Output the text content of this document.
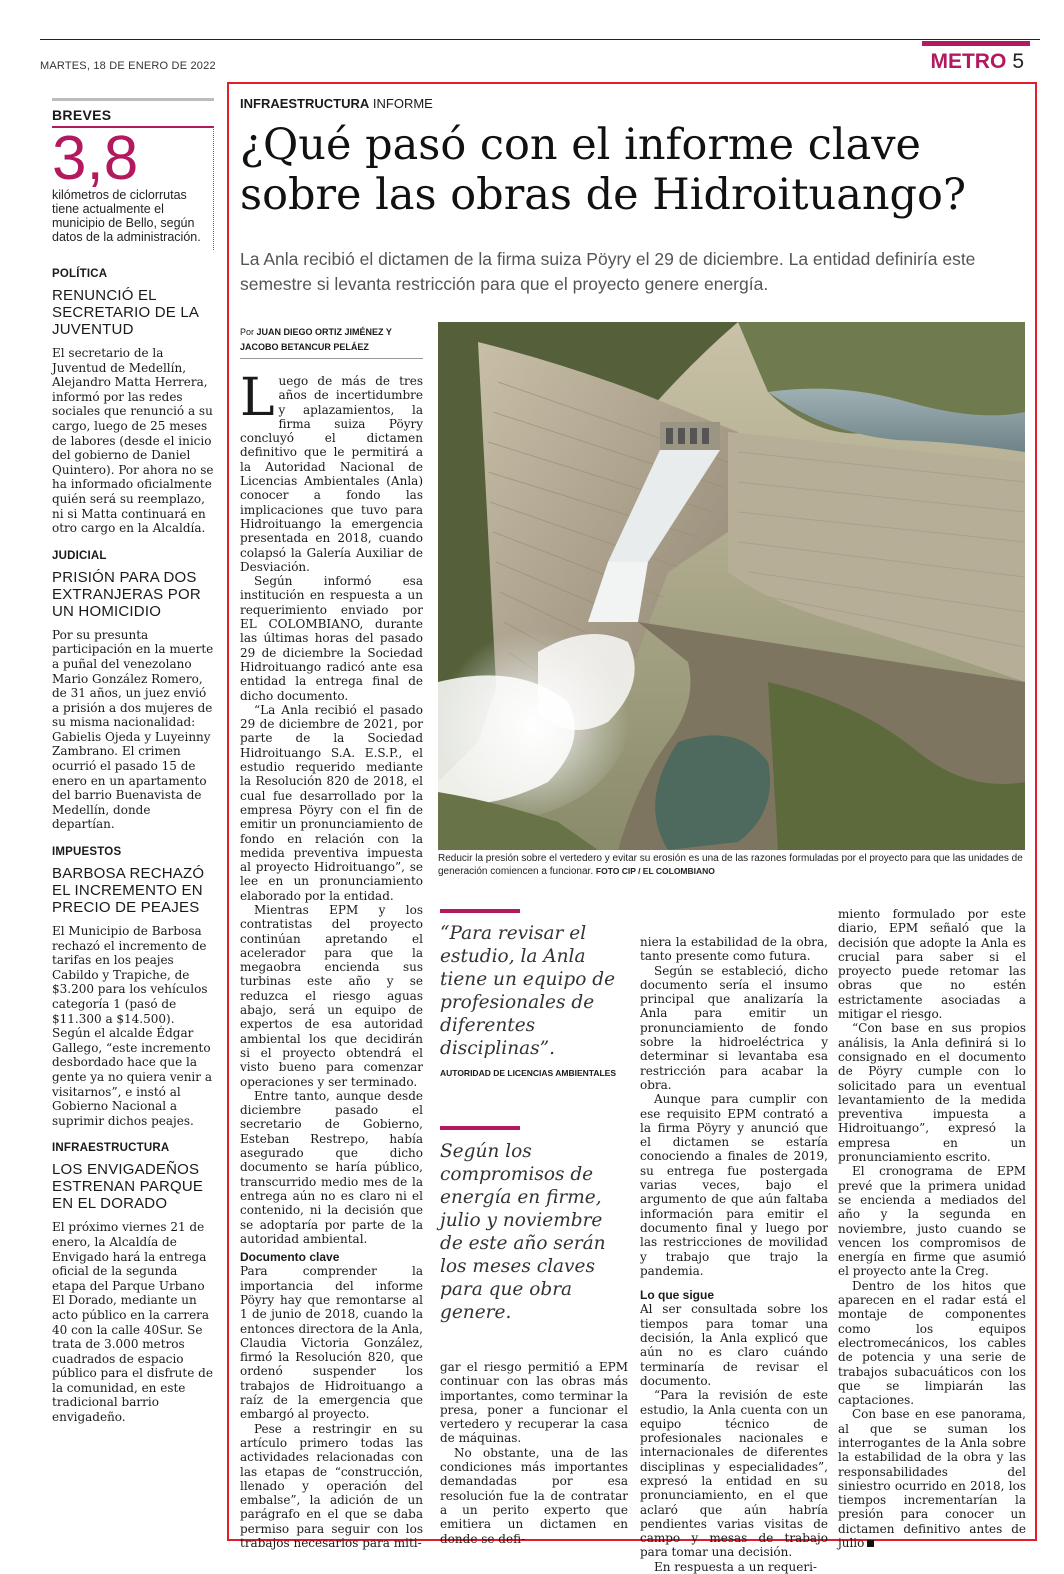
MARTES, 18 DE ENERO DE 2022	METRO 5
BREVES
3,8
kilómetros de ciclorrutas tiene actualmente el municipio de Bello, según datos de la administración.
POLÍTICA
RENUNCIÓ EL SECRETARIO DE LA JUVENTUD
El secretario de la Juventud de Medellín, Alejandro Matta Herrera, informó por las redes sociales que renunció a su cargo, luego de 25 meses de labores (desde el inicio del gobierno de Daniel Quintero). Por ahora no se ha informado oficialmente quién será su reemplazo, ni si Matta continuará en otro cargo en la Alcaldía.
JUDICIAL
PRISIÓN PARA DOS EXTRANJERAS POR UN HOMICIDIO
Por su presunta participación en la muerte a puñal del venezolano Mario González Romero, de 31 años, un juez envió a prisión a dos mujeres de su misma nacionalidad: Gabielis Ojeda y Luyeinny Zambrano. El crimen ocurrió el pasado 15 de enero en un apartamento del barrio Buenavista de Medellín, donde departían.
IMPUESTOS
BARBOSA RECHAZÓ EL INCREMENTO EN PRECIO DE PEAJES
El Municipio de Barbosa rechazó el incremento de tarifas en los peajes Cabildo y Trapiche, de $3.200 para los vehículos categoría 1 (pasó de $11.300 a $14.500). Según el alcalde Édgar Gallego, “este incremento desbordado hace que la gente ya no quiera venir a visitarnos”, e instó al Gobierno Nacional a suprimir dichos peajes.
INFRAESTRUCTURA
LOS ENVIGADEÑOS ESTRENAN PARQUE EN EL DORADO
El próximo viernes 21 de enero, la Alcaldía de Envigado hará la entrega oficial de la segunda etapa del Parque Urbano El Dorado, mediante un acto público en la carrera 40 con la calle 40Sur. Se trata de 3.000 metros cuadrados de espacio público para el disfrute de la comunidad, en este tradicional barrio envigadeño.
INFRAESTRUCTURA INFORME
¿Qué pasó con el informe clave sobre las obras de Hidroituango?
La Anla recibió el dictamen de la firma suiza Pöyry el 29 de diciembre. La entidad definiría este semestre si levanta restricción para que el proyecto genere energía.
Por JUAN DIEGO ORTIZ JIMÉNEZ Y JACOBO BETANCUR PELÁEZ

Luego de más de tres años de incertidumbre y aplazamientos, la firma suiza Pöyry concluyó el dictamen definitivo que le permitirá a la Autoridad Nacional de Licencias Ambientales (Anla) conocer a fondo las implicaciones que tuvo para Hidroituango la emergencia presentada en 2018, cuando colapsó la Galería Auxiliar de Desviación.

Según informó esa institución en respuesta a un requerimiento enviado por EL COLOMBIANO, durante las últimas horas del pasado 29 de diciembre la Sociedad Hidroituango radicó ante esa entidad la entrega final de dicho documento.

“La Anla recibió el pasado 29 de diciembre de 2021, por parte de la Sociedad Hidroituango S.A. E.S.P., el estudio requerido mediante la Resolución 820 de 2018, el cual fue desarrollado por la empresa Pöyry con el fin de emitir un pronunciamiento de fondo en relación con la medida preventiva impuesta al proyecto Hidroituango”, se lee en un pronunciamiento elaborado por la entidad.

Mientras EPM y los contratistas del proyecto continúan apretando el acelerador para que la megaobra encienda sus turbinas este año y se reduzca el riesgo aguas abajo, será un equipo de expertos de esa autoridad ambiental los que decidirán si el proyecto obtendrá el visto bueno para comenzar operaciones y ser terminado.

Entre tanto, aunque desde diciembre pasado el secretario de Gobierno, Esteban Restrepo, había asegurado que dicho documento se haría público, transcurrido medio mes de la entrega aún no es claro ni el contenido, ni la decisión que se adoptaría por parte de la autoridad ambiental.

Documento clave

Para comprender la importancia del informe Pöyry hay que remontarse al 1 de junio de 2018, cuando la entonces directora de la Anla, Claudia Victoria González, firmó la Resolución 820, que ordenó suspender los trabajos de Hidroituango a raíz de la emergencia que embargó al proyecto.

Pese a restringir en su artículo primero todas las actividades relacionadas con las etapas de “construcción, llenado y operación del embalse”, la adición de un parágrafo en el que se daba permiso para seguir con los trabajos necesarios para miti-

Reducir la presión sobre el vertedero y evitar su erosión es una de las razones formuladas por el proyecto para que las unidades de generación comiencen a funcionar. FOTO CIP / EL COLOMBIANO
“Para revisar el estudio, la Anla tiene un equipo de profesionales de diferentes disciplinas”.
AUTORIDAD DE LICENCIAS AMBIENTALES
Según los compromisos de energía en firme, julio y noviembre de este año serán los meses claves para que obra genere.

gar el riesgo permitió a EPM continuar con las obras más importantes, como terminar la presa, poner a funcionar el vertedero y recuperar la casa de máquinas.

No obstante, una de las condiciones más importantes demandadas por esa resolución fue la de contratar a un perito experto que emitiera un dictamen en donde se defi-

niera la estabilidad de la obra, tanto presente como futura.

Según se estableció, dicho documento sería el insumo principal que analizaría la Anla para emitir un pronunciamiento de fondo sobre la hidroeléctrica y determinar si levantaba esa restricción para acabar la obra.

Aunque para cumplir con ese requisito EPM contrató a la firma Pöyry y anunció que el dictamen se estaría conociendo a finales de 2019, su entrega fue postergada varias veces, bajo el argumento de que aún faltaba información para emitir el documento final y luego por las restricciones de movilidad y trabajo que trajo la pandemia.

Lo que sigue

Al ser consultada sobre los tiempos para tomar una decisión, la Anla explicó que aún no es claro cuándo terminaría de revisar el documento.

“Para la revisión de este estudio, la Anla cuenta con un equipo técnico de profesionales nacionales e internacionales de diferentes disciplinas y especialidades”, expresó la entidad en su pronunciamiento, en el que aclaró que aún habría pendientes varias visitas de campo y mesas de trabajo para tomar una decisión.

En respuesta a un requeri-

miento formulado por este diario, EPM señaló que la decisión que adopte la Anla es crucial para saber si el proyecto puede retomar las obras que no estén estrictamente asociadas a mitigar el riesgo.

“Con base en sus propios análisis, la Anla definirá si lo consignado en el documento de Pöyry cumple con lo solicitado para un eventual levantamiento de la medida preventiva impuesta a Hidroituango”, expresó la empresa en un pronunciamiento escrito.

El cronograma de EPM prevé que la primera unidad se encienda a mediados del año y la segunda en noviembre, justo cuando se vencen los compromisos de energía en firme que asumió el proyecto ante la Creg.

Dentro de los hitos que aparecen en el radar está el montaje de componentes como los equipos electromecánicos, los cables de potencia y una serie de trabajos subacuáticos con los que se limpiarán las captaciones.

Con base en ese panorama, al que se suman los interrogantes de la Anla sobre la estabilidad de la obra y las responsabilidades del siniestro ocurrido en 2018, los tiempos incrementarían la presión para conocer un dictamen definitivo antes de julio
